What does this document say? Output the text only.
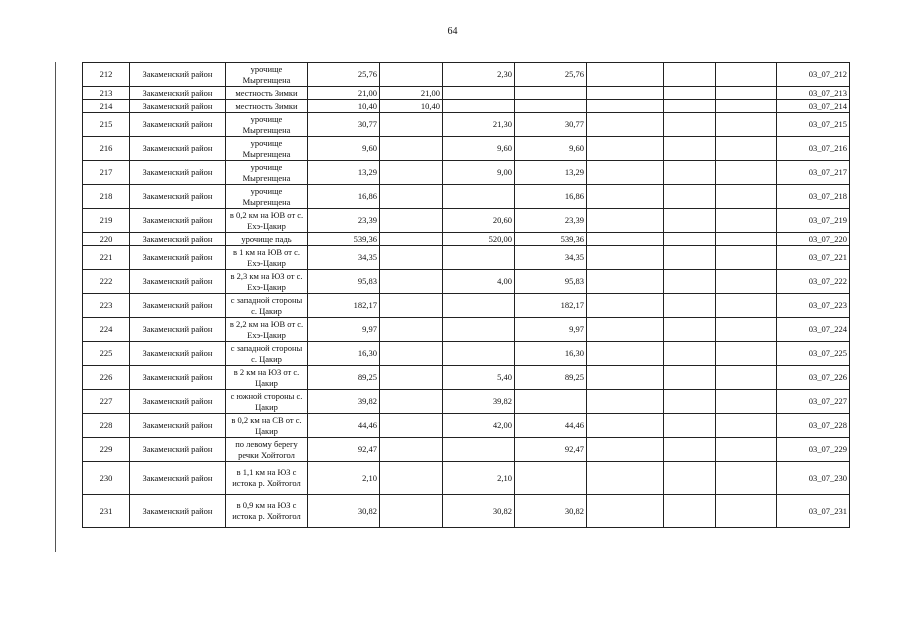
64
212	Закаменский район	урочище Мыргенщена	25,76		2,30	25,76				03_07_212
213	Закаменский район	местность Зимки	21,00	21,00						03_07_213
214	Закаменский район	местность Зимки	10,40	10,40						03_07_214
215	Закаменский район	урочище Мыргенщена	30,77		21,30	30,77				03_07_215
216	Закаменский район	урочище Мыргенщена	9,60		9,60	9,60				03_07_216
217	Закаменский район	урочище Мыргенщена	13,29		9,00	13,29				03_07_217
218	Закаменский район	урочище Мыргенщена	16,86			16,86				03_07_218
219	Закаменский район	в 0,2 км на ЮВ от с. Ехэ-Цакир	23,39		20,60	23,39				03_07_219
220	Закаменский район	урочище падь	539,36		520,00	539,36				03_07_220
221	Закаменский район	в 1 км на ЮВ от с. Ехэ-Цакир	34,35			34,35				03_07_221
222	Закаменский район	в 2,3 км на ЮЗ от с. Ехэ-Цакир	95,83		4,00	95,83				03_07_222
223	Закаменский район	с западной стороны с. Цакир	182,17			182,17				03_07_223
224	Закаменский район	в 2,2 км на ЮВ от с. Ехэ-Цакир	9,97			9,97				03_07_224
225	Закаменский район	с западной стороны с. Цакир	16,30			16,30				03_07_225
226	Закаменский район	в 2 км на ЮЗ от с. Цакир	89,25		5,40	89,25				03_07_226
227	Закаменский район	с южной стороны с. Цакир	39,82		39,82					03_07_227
228	Закаменский район	в 0,2 км на СВ от с. Цакир	44,46		42,00	44,46				03_07_228
229	Закаменский район	по левому берегу речки Хойтогол	92,47			92,47				03_07_229
230	Закаменский район	в 1,1 км на ЮЗ с истока р. Хойтогол	2,10		2,10					03_07_230
231	Закаменский район	в 0,9 км на ЮЗ с истока р. Хойтогол	30,82		30,82	30,82				03_07_231
